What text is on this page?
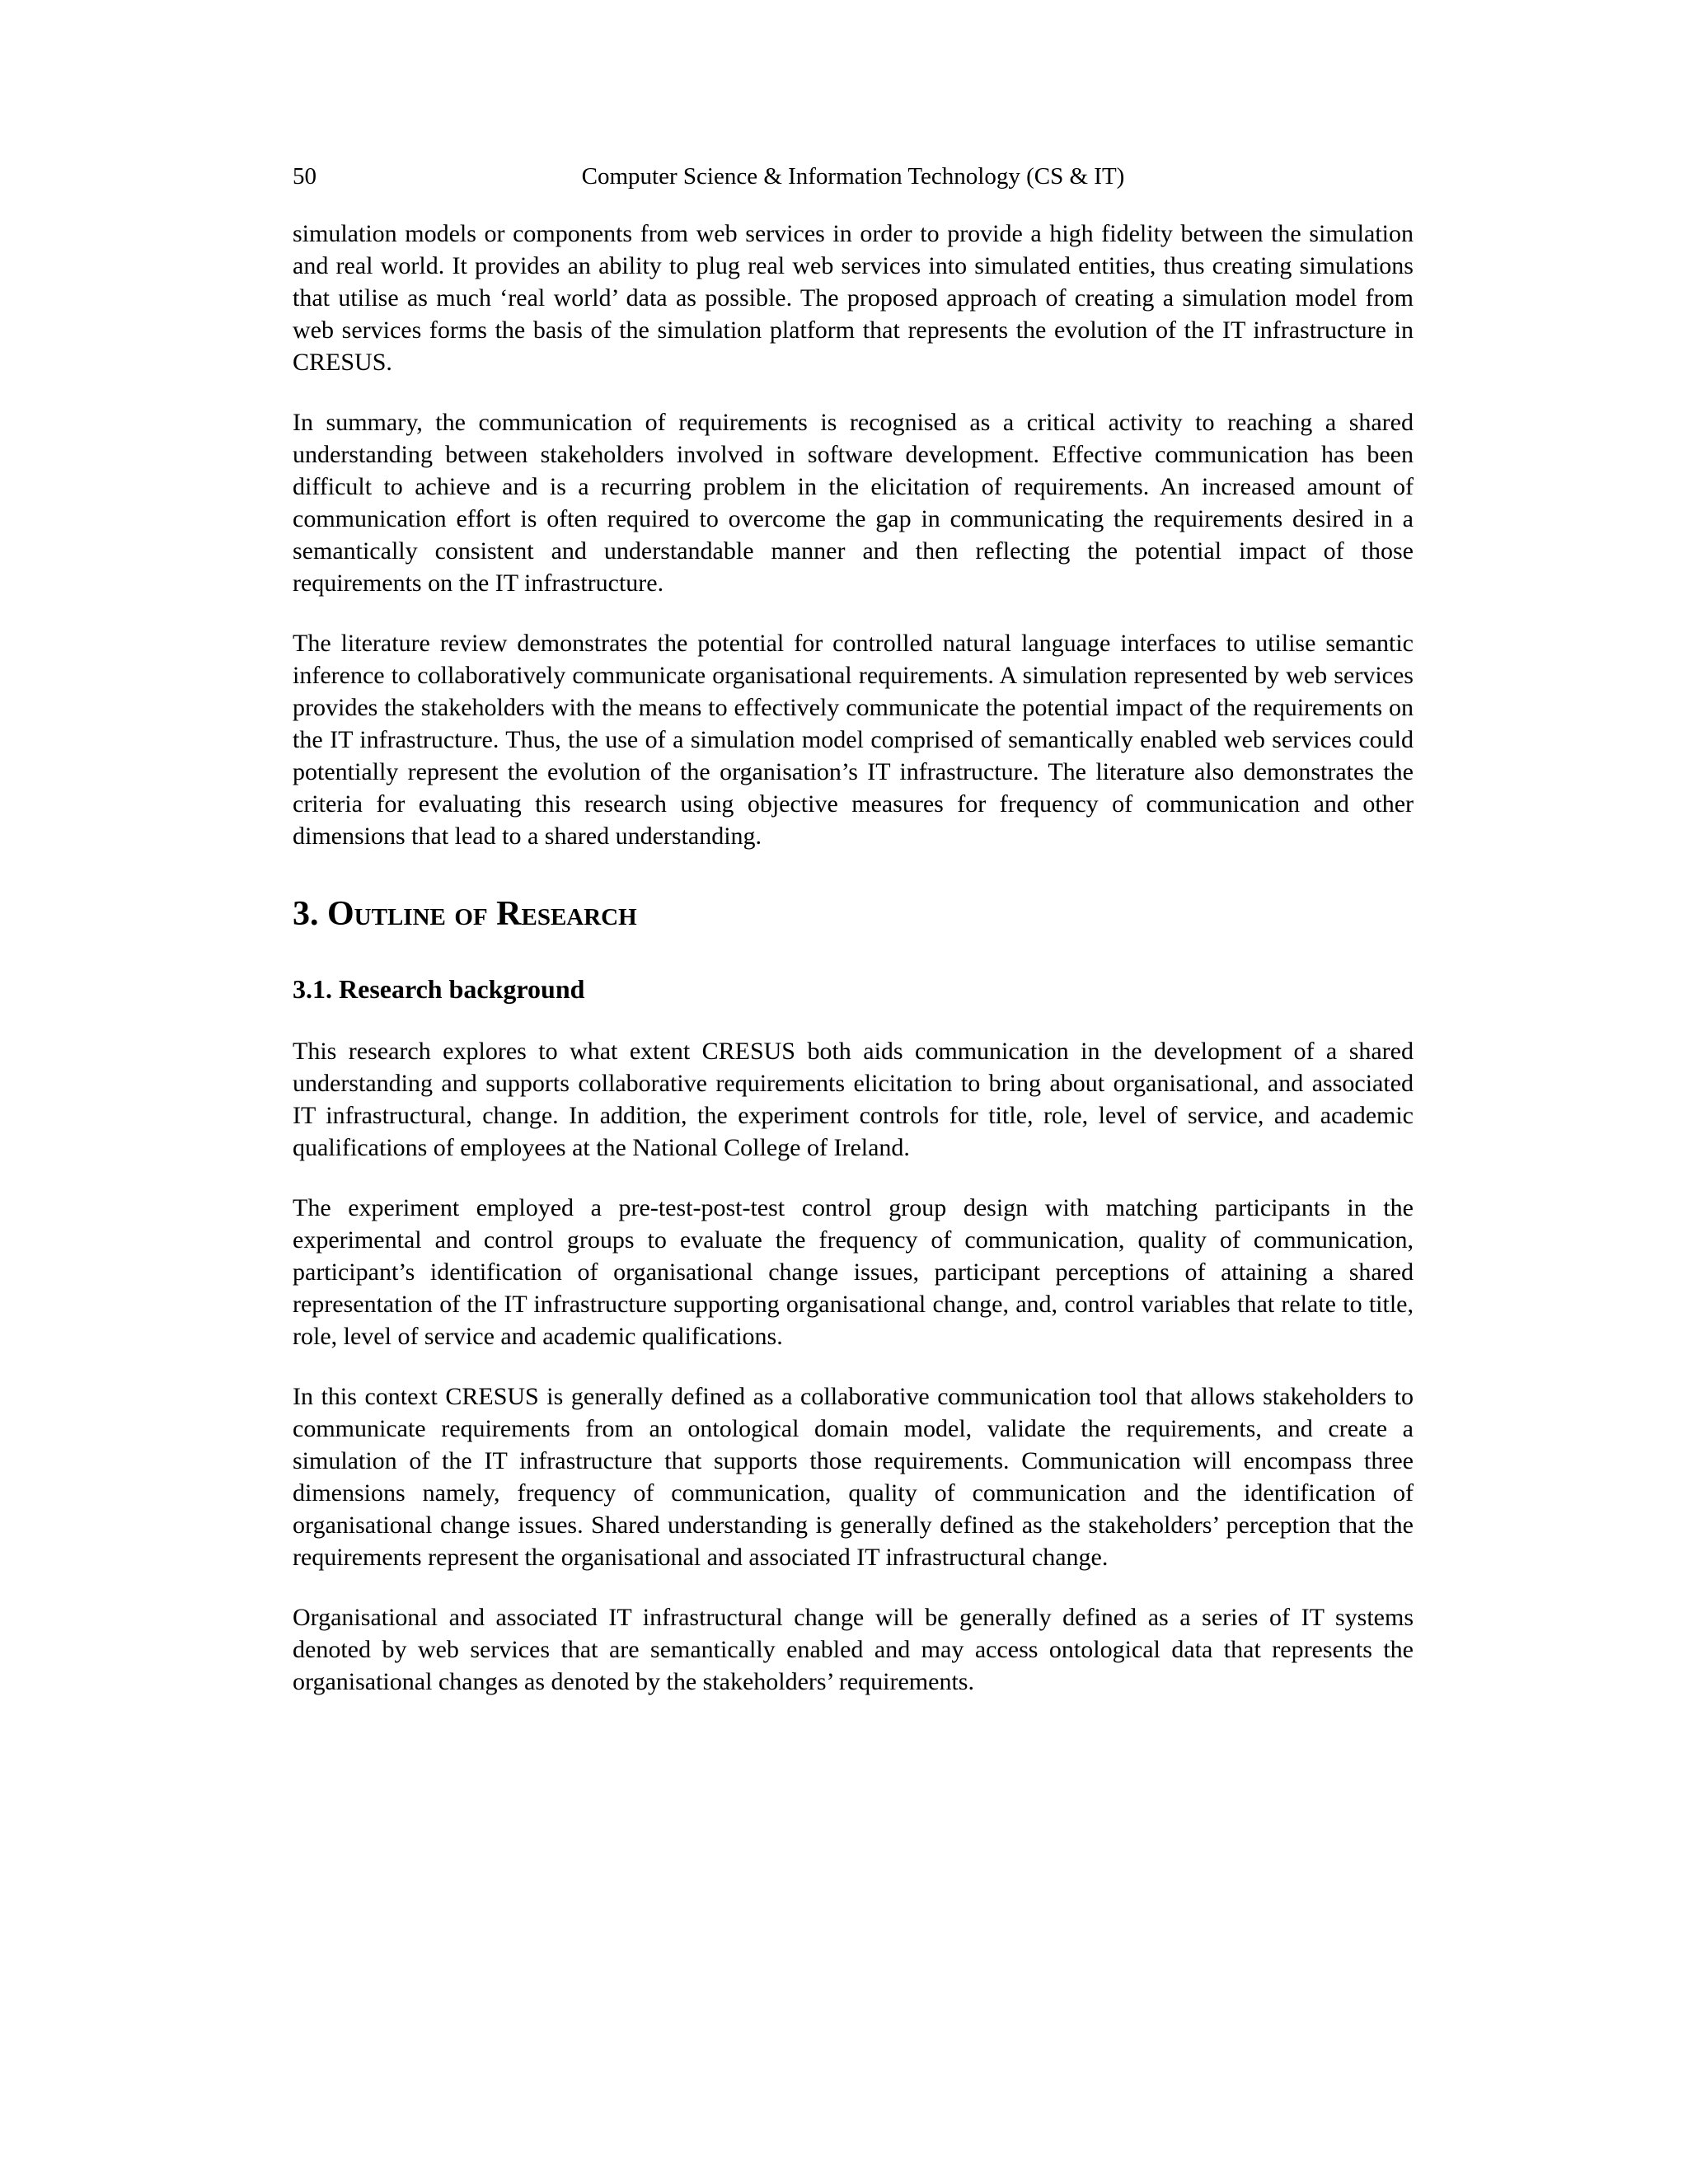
50	Computer Science & Information Technology (CS & IT)

simulation models or components from web services in order to provide a high fidelity between the simulation and real world. It provides an ability to plug real web services into simulated entities, thus creating simulations that utilise as much ‘real world’ data as possible. The proposed approach of creating a simulation model from web services forms the basis of the simulation platform that represents the evolution of the IT infrastructure in CRESUS.

In summary, the communication of requirements is recognised as a critical activity to reaching a shared understanding between stakeholders involved in software development. Effective communication has been difficult to achieve and is a recurring problem in the elicitation of requirements. An increased amount of communication effort is often required to overcome the gap in communicating the requirements desired in a semantically consistent and understandable manner and then reflecting the potential impact of those requirements on the IT infrastructure.

The literature review demonstrates the potential for controlled natural language interfaces to utilise semantic inference to collaboratively communicate organisational requirements. A simulation represented by web services provides the stakeholders with the means to effectively communicate the potential impact of the requirements on the IT infrastructure. Thus, the use of a simulation model comprised of semantically enabled web services could potentially represent the evolution of the organisation’s IT infrastructure. The literature also demonstrates the criteria for evaluating this research using objective measures for frequency of communication and other dimensions that lead to a shared understanding.

3. Outline of Research
3.1. Research background

This research explores to what extent CRESUS both aids communication in the development of a shared understanding and supports collaborative requirements elicitation to bring about organisational, and associated IT infrastructural, change. In addition, the experiment controls for title, role, level of service, and academic qualifications of employees at the National College of Ireland.

The experiment employed a pre-test-post-test control group design with matching participants in the experimental and control groups to evaluate the frequency of communication, quality of communication, participant’s identification of organisational change issues, participant perceptions of attaining a shared representation of the IT infrastructure supporting organisational change, and, control variables that relate to title, role, level of service and academic qualifications.

In this context CRESUS is generally defined as a collaborative communication tool that allows stakeholders to communicate requirements from an ontological domain model, validate the requirements, and create a simulation of the IT infrastructure that supports those requirements. Communication will encompass three dimensions namely, frequency of communication, quality of communication and the identification of organisational change issues. Shared understanding is generally defined as the stakeholders’ perception that the requirements represent the organisational and associated IT infrastructural change.

Organisational and associated IT infrastructural change will be generally defined as a series of IT systems denoted by web services that are semantically enabled and may access ontological data that represents the organisational changes as denoted by the stakeholders’ requirements.
